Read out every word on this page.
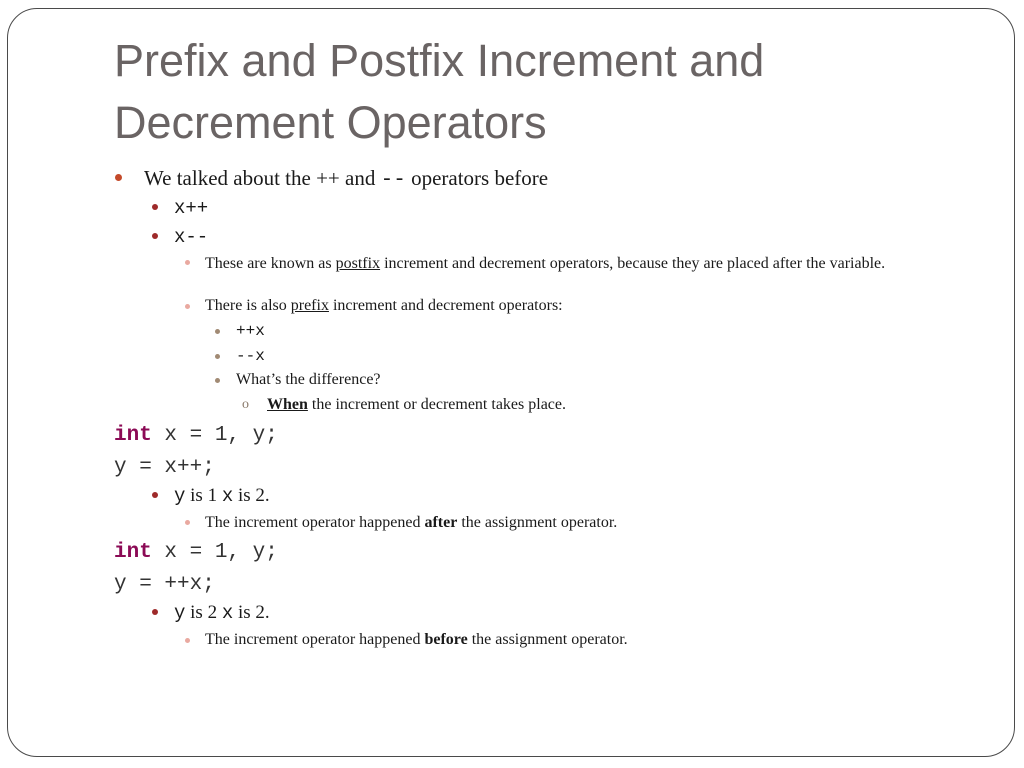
Prefix and Postfix Increment and Decrement Operators
We talked about the ++ and -- operators before
x++
x--
These are known as postfix increment and decrement operators, because they are placed after the variable.
There is also prefix increment and decrement operators:
++x
--x
What’s the difference?
o When the increment or decrement takes place.
int x = 1, y;
y = x++;
y is 1 x is 2.
The increment operator happened after the assignment operator.
int x = 1, y;
y = ++x;
y is 2 x is 2.
The increment operator happened before the assignment operator.
